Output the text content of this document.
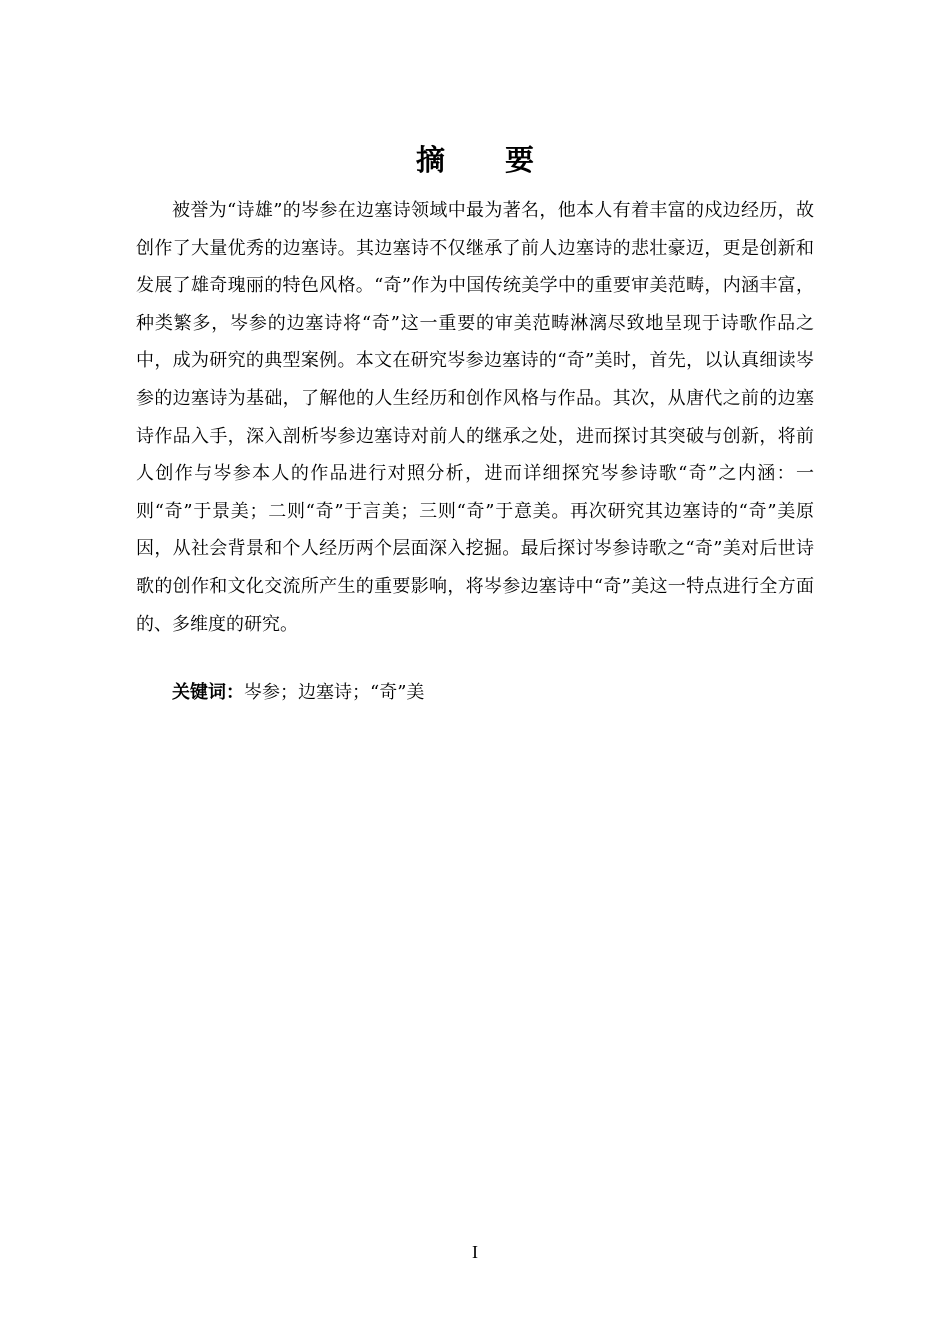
摘 要

被誉为“诗雄”的岑参在边塞诗领域中最为著名，他本人有着丰富的戍边经历，故创作了大量优秀的边塞诗。其边塞诗不仅继承了前人边塞诗的悲壮豪迈，更是创新和发展了雄奇瑰丽的特色风格。“奇”作为中国传统美学中的重要审美范畴，内涵丰富，种类繁多，岑参的边塞诗将“奇”这一重要的审美范畴淋漓尽致地呈现于诗歌作品之中，成为研究的典型案例。本文在研究岑参边塞诗的“奇”美时，首先，以认真细读岑参的边塞诗为基础，了解他的人生经历和创作风格与作品。其次，从唐代之前的边塞诗作品入手，深入剖析岑参边塞诗对前人的继承之处，进而探讨其突破与创新，将前人创作与岑参本人的作品进行对照分析，进而详细探究岑参诗歌“奇”之内涵：一则“奇”于景美；二则“奇”于言美；三则“奇”于意美。再次研究其边塞诗的“奇”美原因，从社会背景和个人经历两个层面深入挖掘。最后探讨岑参诗歌之“奇”美对后世诗歌的创作和文化交流所产生的重要影响，将岑参边塞诗中“奇”美这一特点进行全方面的、多维度的研究。

关键词：岑参；边塞诗；“奇”美
I
